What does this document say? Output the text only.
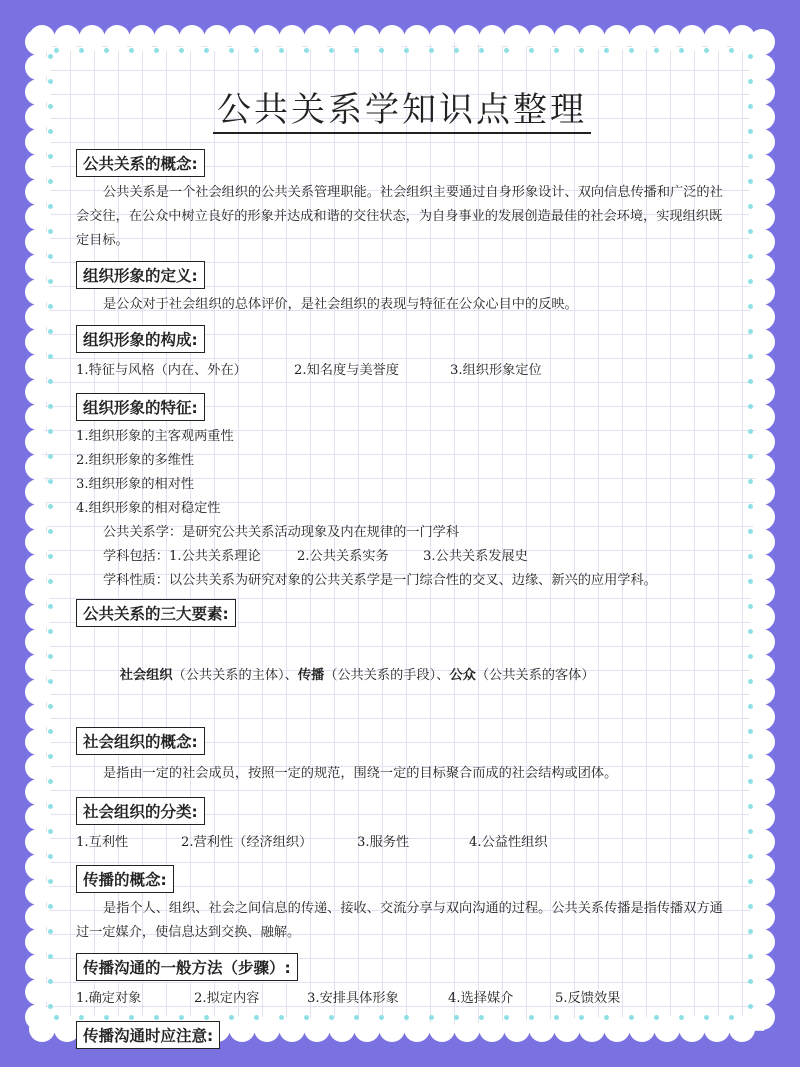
公共关系学知识点整理
公共关系的概念:

公共关系是一个社会组织的公共关系管理职能。社会组织主要通过自身形象设计、双向信息传播和广泛的社会交往，在公众中树立良好的形象并达成和谐的交往状态，为自身事业的发展创造最佳的社会环境，实现组织既定目标。

组织形象的定义:

是公众对于社会组织的总体评价，是社会组织的表现与特征在公众心目中的反映。

组织形象的构成:
1.特征与风格（内在、外在）	2.知名度与美誉度	3.组织形象定位
组织形象的特征:
1.组织形象的主客观两重性
2.组织形象的多维性
3.组织形象的相对性
4.组织形象的相对稳定性
公共关系学：是研究公共关系活动现象及内在规律的一门学科
学科包括： 1.公共关系理论	2.公共关系实务	3.公共关系发展史
学科性质：以公共关系为研究对象的公共关系学是一门综合性的交叉、边缘、新兴的应用学科。
公共关系的三大要素:

社会组织（公共关系的主体）、传播（公共关系的手段）、公众（公共关系的客体）

社会组织的概念:

是指由一定的社会成员，按照一定的规范，围绕一定的目标聚合而成的社会结构或团体。

社会组织的分类:
1.互利性	2.营利性（经济组织）	3.服务性	4.公益性组织
传播的概念:

是指个人、组织、社会之间信息的传递、接收、交流分享与双向沟通的过程。公共关系传播是指传播双方通过一定媒介，使信息达到交换、融解。

传播沟通的一般方法（步骤）:
1.确定对象	2.拟定内容	3.安排具体形象	4.选择媒介	5.反馈效果
传播沟通时应注意:
